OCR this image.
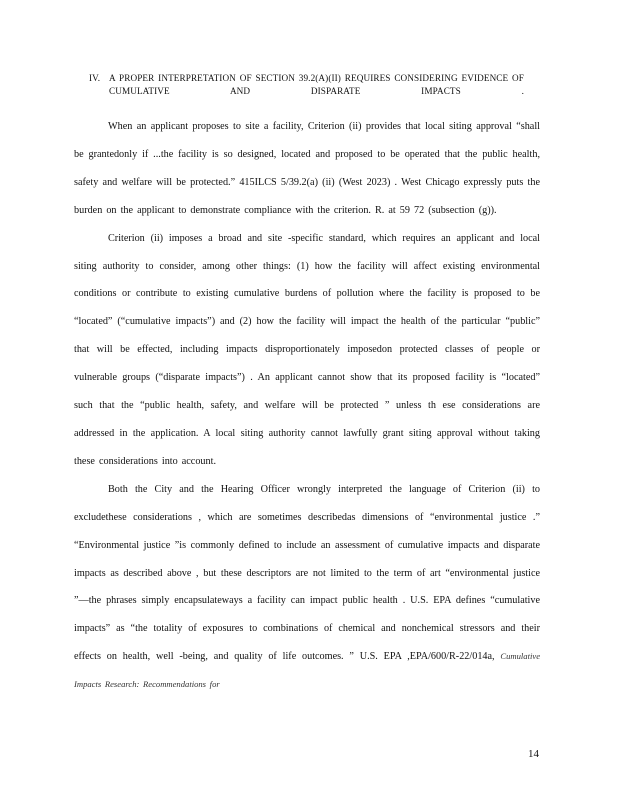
IV. A PROPER INTERPRETATION OF SECTION 39.2(A)(II) REQUIRES CONSIDERING EVIDENCE OF CUMULATIVE AND DISPARATE IMPACTS .

When an applicant proposes to site a facility, Criterion (ii) provides that local siting approval “shall be grantedonly if ...the facility is so designed, located and proposed to be operated that the public health, safety and welfare will be protected.” 415ILCS 5/39.2(a) (ii) (West 2023) . West Chicago expressly puts the burden on the applicant to demonstrate compliance with the criterion. R. at 59 72 (subsection (g)).

Criterion (ii) imposes a broad and site -specific standard, which requires an applicant and local siting authority to consider, among other things: (1) how the facility will affect existing environmental conditions or contribute to existing cumulative burdens of pollution where the facility is proposed to be “located” (“cumulative impacts”) and (2) how the facility will impact the health of the particular “public” that will be effected, including impacts disproportionately imposedon protected classes of people or vulnerable groups (“disparate impacts”) . An applicant cannot show that its proposed facility is “located” such that the “public health, safety, and welfare will be protected ” unless th ese considerations are addressed in the application. A local siting authority cannot lawfully grant siting approval without taking these considerations into account.

Both the City and the Hearing Officer wrongly interpreted the language of Criterion (ii) to excludethese considerations , which are sometimes describedas dimensions of “environmental justice .” “Environmental justice ”is commonly defined to include an assessment of cumulative impacts and disparate impacts as described above , but these descriptors are not limited to the term of art “environmental justice ”—the phrases simply encapsulateways a facility can impact public health . U.S. EPA defines “cumulative impacts” as “the totality of exposures to combinations of chemical and nonchemical stressors and their effects on health, well -being, and quality of life outcomes. ” U.S. EPA ,EPA/600/R-22/014a, Cumulative Impacts Research: Recommendations for

14
